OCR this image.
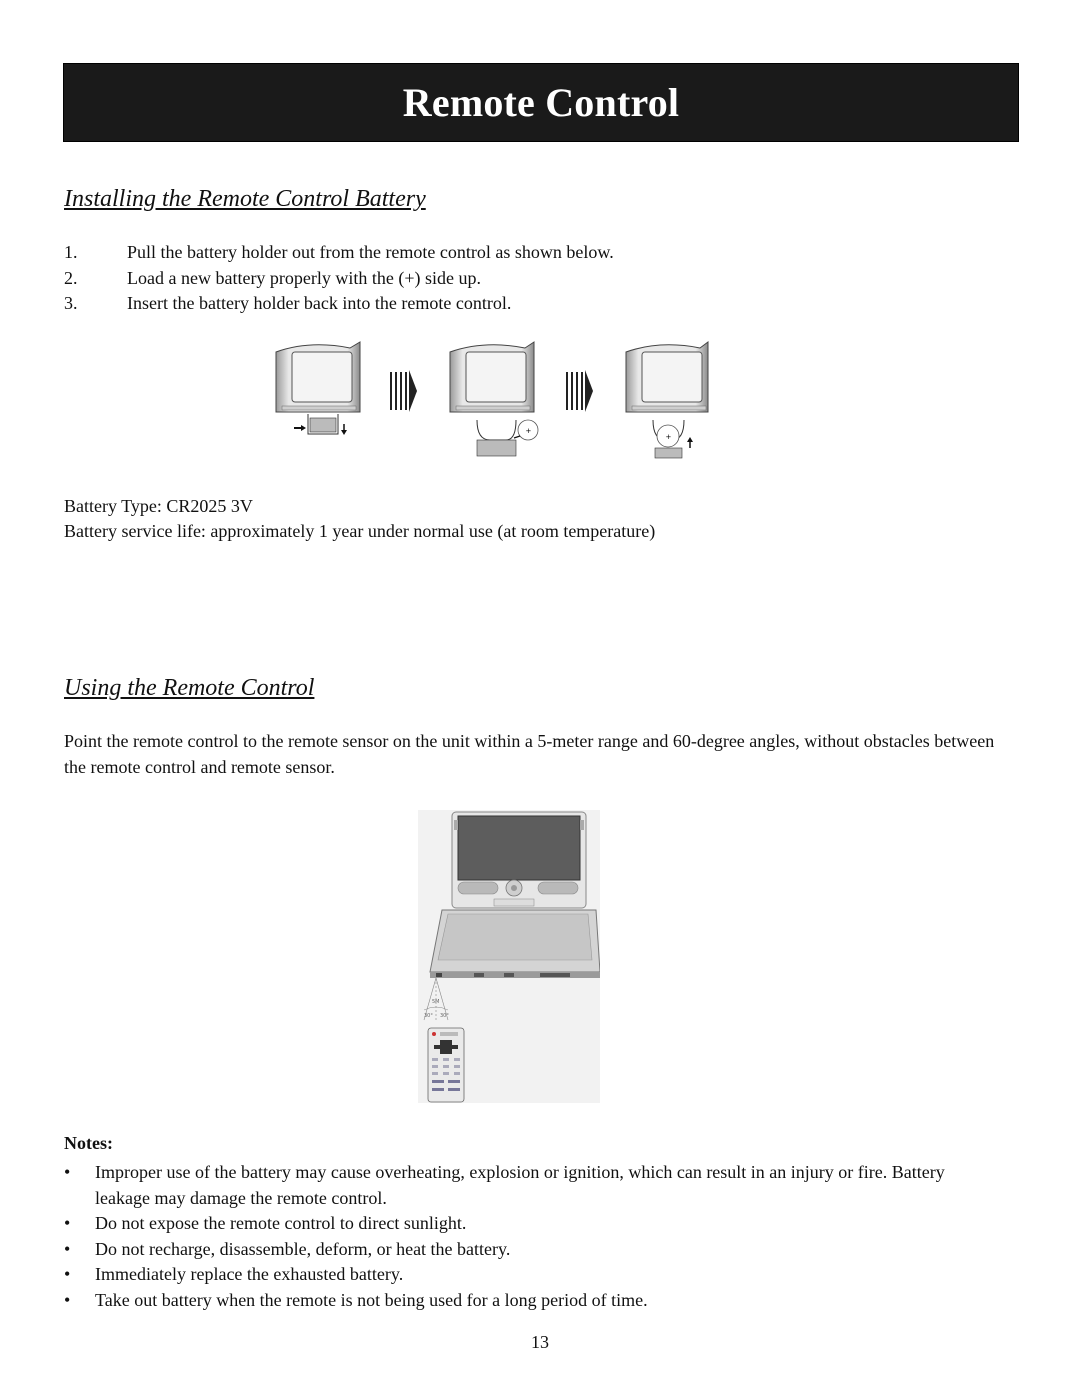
Remote Control
Installing the Remote Control Battery
1.	Pull the battery holder out from the remote control as shown below.
2.	Load a new battery properly with the (+) side up.
3.	Insert the battery holder back into the remote control.
+
+

Battery Type: CR2025 3V

Battery service life: approximately 1 year under normal use (at room temperature)

Using the Remote Control

Point the remote control to the remote sensor on the unit within a 5-meter range and 60-degree angles, without obstacles between the remote control and remote sensor.

5M
30° 30°

Notes:

• Improper use of the battery may cause overheating, explosion or ignition, which can result in an injury or fire. Battery leakage may damage the remote control.
• Do not expose the remote control to direct sunlight.
• Do not recharge, disassemble, deform, or heat the battery.
• Immediately replace the exhausted battery.
• Take out battery when the remote is not being used for a long period of time.
13
